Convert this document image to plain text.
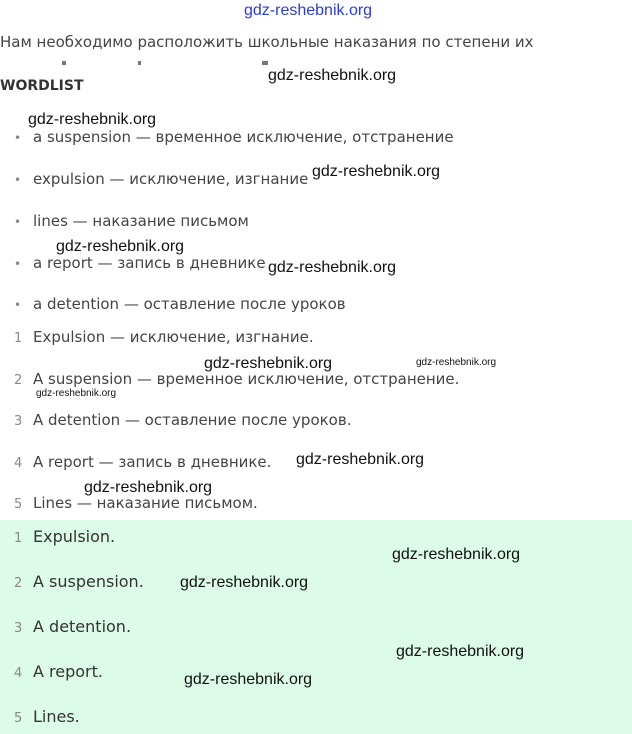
gdz-reshebnik.org
Нам необходимо расположить школьные наказания по степени их
WORDLIST
• a suspension — временное исключение, отстранение
• expulsion — исключение, изгнание
• lines — наказание письмом
• a report — запись в дневнике
• a detention — оставление после уроков
1 Expulsion — исключение, изгнание.
2 A suspension — временное исключение, отстранение.
3 A detention — оставление после уроков.
4 A report — запись в дневнике.
5 Lines — наказание письмом.
1 Expulsion.
2 A suspension.
3 A detention.
4 A report.
5 Lines.
gdz-reshebnik.org
gdz-reshebnik.org
gdz-reshebnik.org
gdz-reshebnik.org
gdz-reshebnik.org
gdz-reshebnik.org	gdz-reshebnik.org
gdz-reshebnik.org
gdz-reshebnik.org
gdz-reshebnik.org
gdz-reshebnik.org
gdz-reshebnik.org
gdz-reshebnik.org
gdz-reshebnik.org
